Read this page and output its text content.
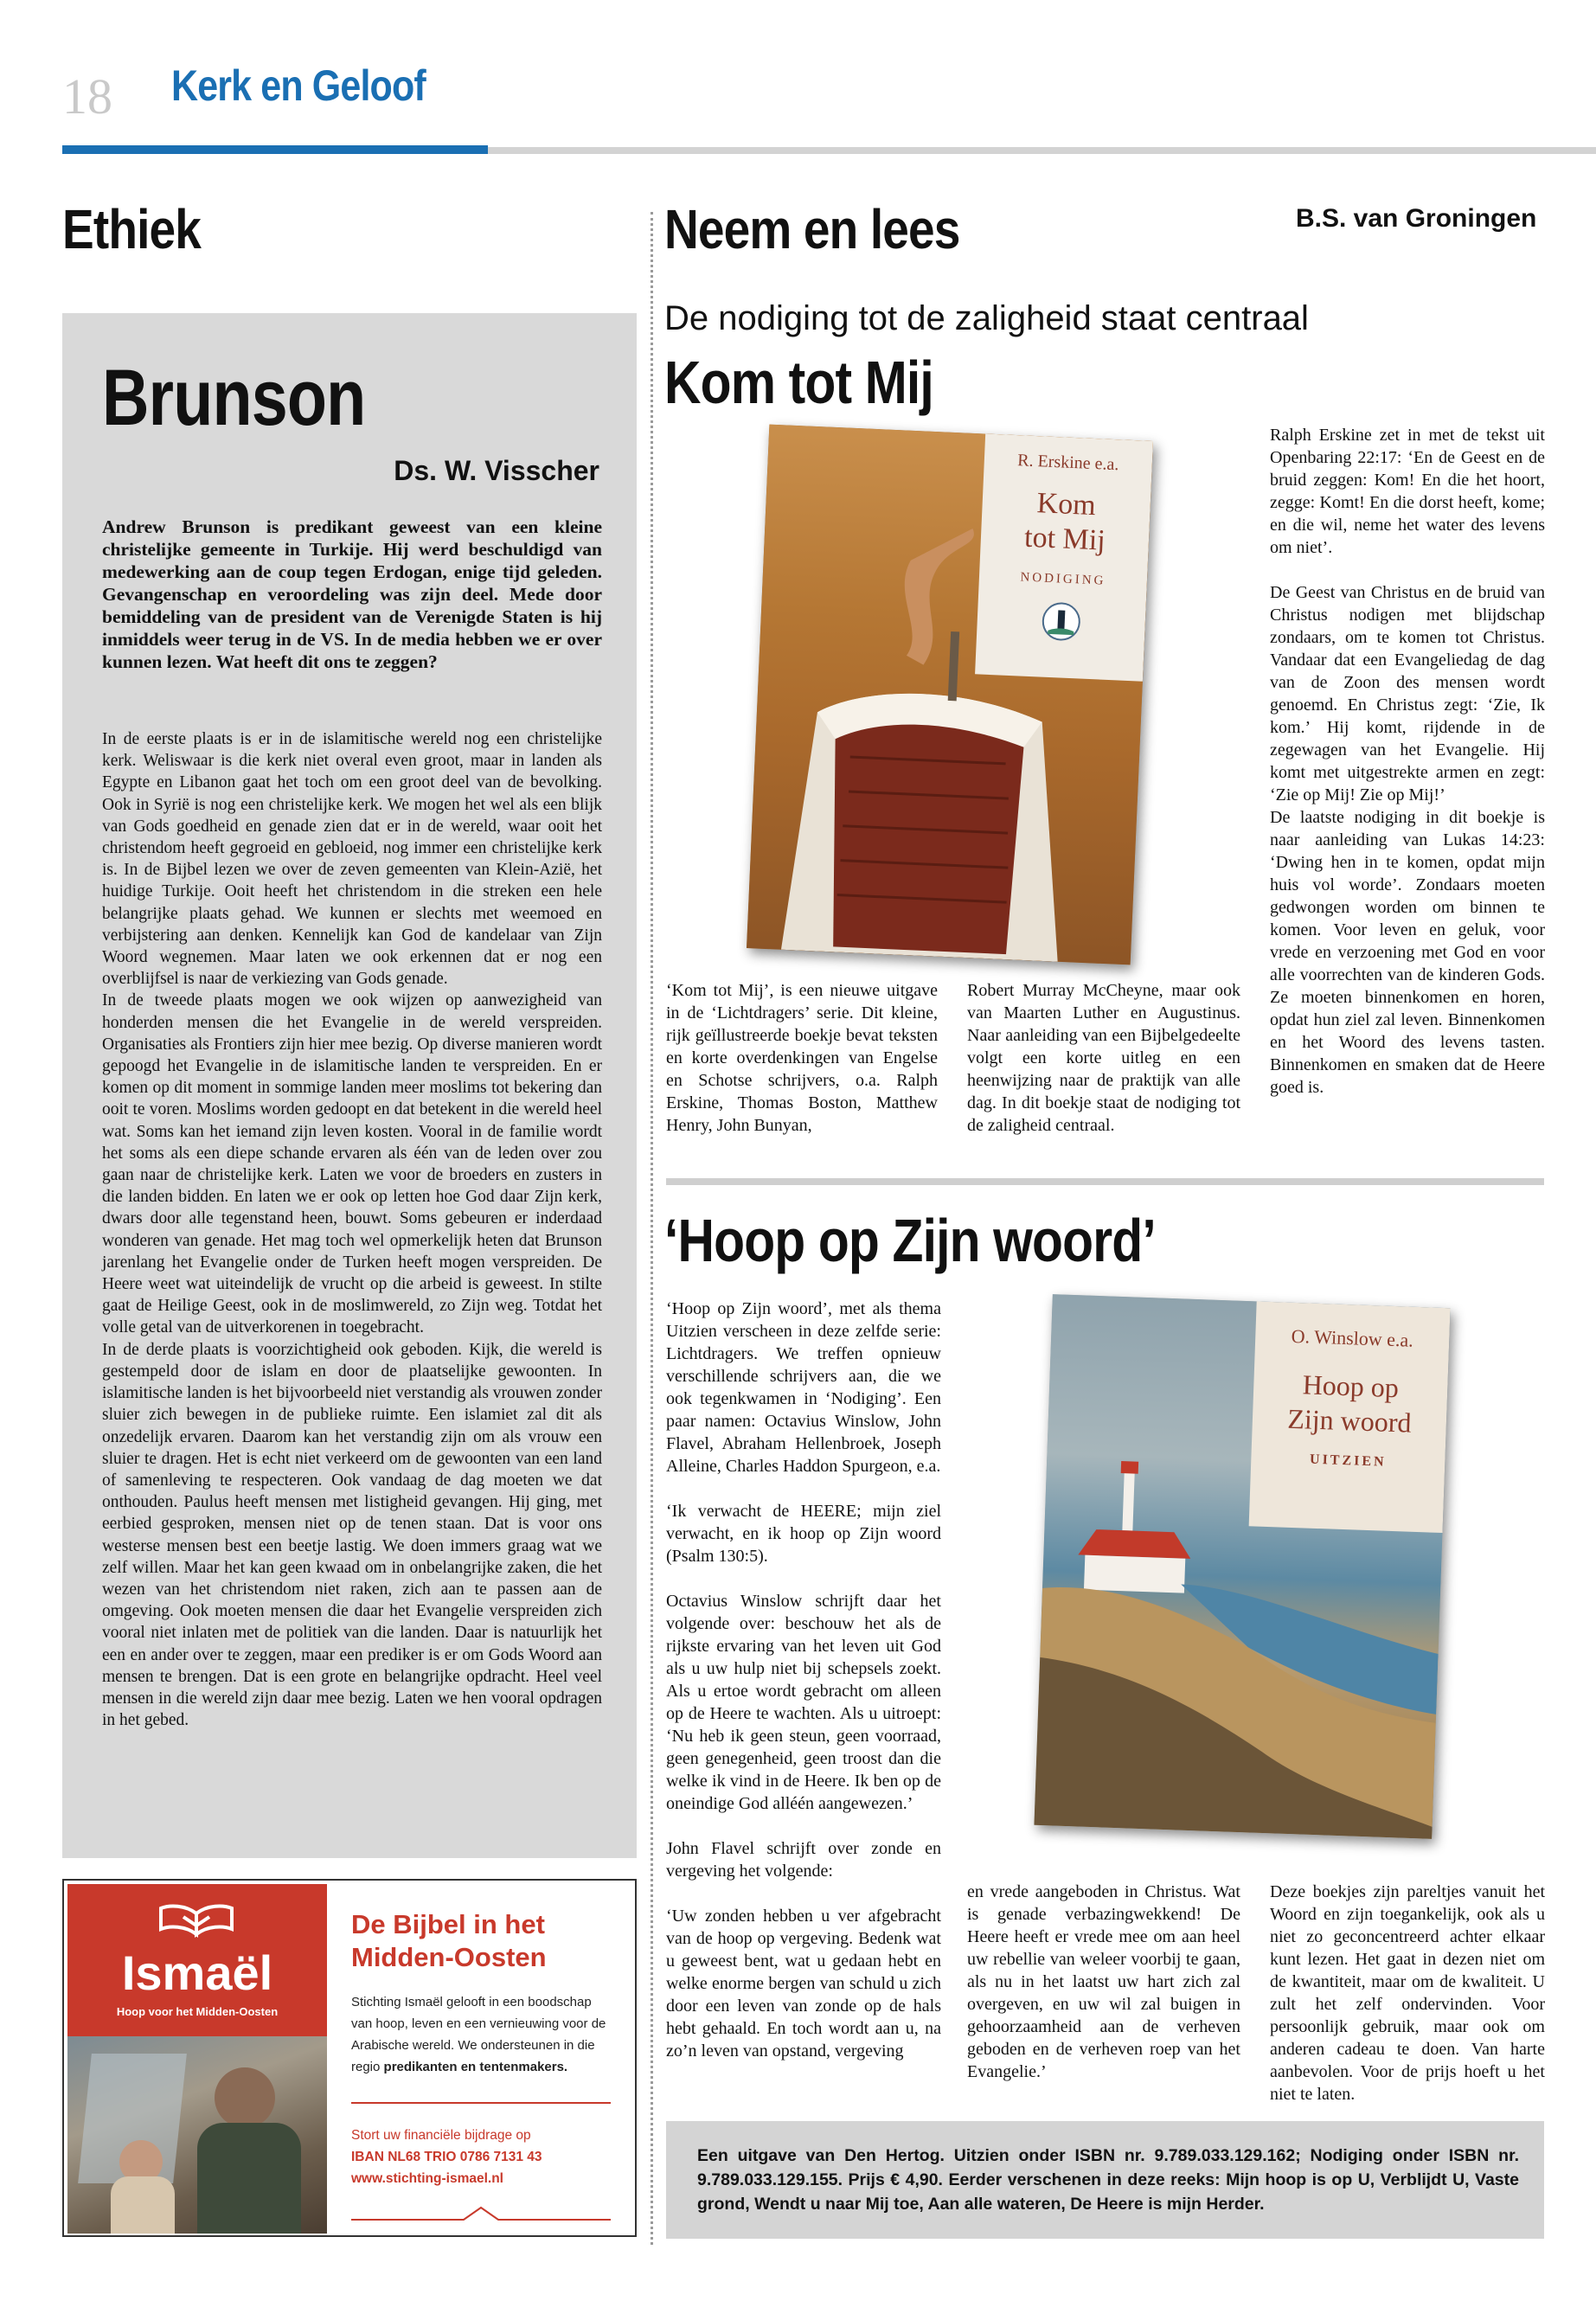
18 Kerk en Geloof
Ethiek
Brunson
Ds. W. Visscher
Andrew Brunson is predikant geweest van een kleine christelijke gemeente in Turkije. Hij werd beschuldigd van medewerking aan de coup tegen Erdogan, enige tijd geleden. Gevangenschap en veroordeling was zijn deel. Mede door bemiddeling van de president van de Verenigde Staten is hij inmiddels weer terug in de VS. In de media hebben we er over kunnen lezen. Wat heeft dit ons te zeggen?

In de eerste plaats is er in de islamitische wereld nog een christelijke kerk. Weliswaar is die kerk niet overal even groot, maar in landen als Egypte en Libanon gaat het toch om een groot deel van de bevolking. Ook in Syrië is nog een christelijke kerk. We mogen het wel als een blijk van Gods goedheid en genade zien dat er in de wereld, waar ooit het christendom heeft gegroeid en gebloeid, nog immer een christelijke kerk is. In de Bijbel lezen we over de zeven gemeenten van Klein-Azië, het huidige Turkije. Ooit heeft het christendom in die streken een hele belangrijke plaats gehad. We kunnen er slechts met weemoed en verbijstering aan denken. Kennelijk kan God de kandelaar van Zijn Woord wegnemen. Maar laten we ook erkennen dat er nog een overblijfsel is naar de verkiezing van Gods genade.

In de tweede plaats mogen we ook wijzen op aanwezigheid van honderden mensen die het Evangelie in de wereld verspreiden. Organisaties als Frontiers zijn hier mee bezig. Op diverse manieren wordt gepoogd het Evangelie in de islamitische landen te verspreiden. En er komen op dit moment in sommige landen meer moslims tot bekering dan ooit te voren. Moslims worden gedoopt en dat betekent in die wereld heel wat. Soms kan het iemand zijn leven kosten. Vooral in de familie wordt het soms als een diepe schande ervaren als één van de leden over zou gaan naar de christelijke kerk. Laten we voor de broeders en zusters in die landen bidden. En laten we er ook op letten hoe God daar Zijn kerk, dwars door alle tegenstand heen, bouwt. Soms gebeuren er inderdaad wonderen van genade. Het mag toch wel opmerkelijk heten dat Brunson jarenlang het Evangelie onder de Turken heeft mogen verspreiden. De Heere weet wat uiteindelijk de vrucht op die arbeid is geweest. In stilte gaat de Heilige Geest, ook in de moslimwereld, zo Zijn weg. Totdat het volle getal van de uitverkorenen in toegebracht.

In de derde plaats is voorzichtigheid ook geboden. Kijk, die wereld is gestempeld door de islam en door de plaatselijke gewoonten. In islamitische landen is het bijvoorbeeld niet verstandig als vrouwen zonder sluier zich bewegen in de publieke ruimte. Een islamiet zal dit als onzedelijk ervaren. Daarom kan het verstandig zijn om als vrouw een sluier te dragen. Het is echt niet verkeerd om de gewoonten van een land of samenleving te respecteren. Ook vandaag de dag moeten we dat onthouden. Paulus heeft mensen met listigheid gevangen. Hij ging, met eerbied gesproken, mensen niet op de tenen staan. Dat is voor ons westerse mensen best een beetje lastig. We doen immers graag wat we zelf willen. Maar het kan geen kwaad om in onbelangrijke zaken, die het wezen van het christendom niet raken, zich aan te passen aan de omgeving. Ook moeten mensen die daar het Evangelie verspreiden zich vooral niet inlaten met de politiek van die landen. Daar is natuurlijk het een en ander over te zeggen, maar een prediker is er om Gods Woord aan mensen te brengen. Dat is een grote en belangrijke opdracht. Heel veel mensen in die wereld zijn daar mee bezig. Laten we hen vooral opdragen in het gebed.

Ismaël
Hoop voor het Midden-Oosten
De Bijbel in het
Midden-Oosten
Stichting Ismaël gelooft in een boodschap van hoop, leven en een vernieuwing voor de Arabische wereld. We ondersteunen in die regio predikanten en tentenmakers.
Stort uw financiële bijdrage op
IBAN NL68 TRIO 0786 7131 43
www.stichting-ismael.nl
Neem en lees	B.S. van Groningen
De nodiging tot de zaligheid staat centraal
Kom tot Mij
R. Erskine e.a.
Kom
tot Mij
NODIGING
‘Kom tot Mij’, is een nieuwe uitgave in de ‘Lichtdragers’ serie. Dit kleine, rijk geïllustreerde boekje bevat teksten en korte overdenkingen van Engelse en Schotse schrijvers, o.a. Ralph Erskine, Thomas Boston, Matthew Henry, John Bunyan,
Robert Murray McCheyne, maar ook van Maarten Luther en Augustinus. Naar aanleiding van een Bijbelgedeelte volgt een korte uitleg en een heenwijzing naar de praktijk van alle dag. In dit boekje staat de nodiging tot de zaligheid centraal.

Ralph Erskine zet in met de tekst uit Openbaring 22:17: ‘En de Geest en de bruid zeggen: Kom! En die het hoort, zegge: Komt! En die dorst heeft, kome; en die wil, neme het water des levens om niet’.

De Geest van Christus en de bruid van Christus nodigen met blijdschap zondaars, om te komen tot Christus. Vandaar dat een Evangeliedag de dag van de Zoon des mensen wordt genoemd. En Christus zegt: ‘Zie, Ik kom.’ Hij komt, rijdende in de zegewagen van het Evangelie. Hij komt met uitgestrekte armen en zegt: ‘Zie op Mij! Zie op Mij!’

De laatste nodiging in dit boekje is naar aanleiding van Lukas 14:23: ‘Dwing hen in te komen, opdat mijn huis vol worde’. Zondaars moeten gedwongen worden om binnen te komen. Voor leven en geluk, voor vrede en verzoening met God en voor alle voorrechten van de kinderen Gods. Ze moeten binnenkomen en horen, opdat hun ziel zal leven. Binnenkomen en het Woord des levens tasten. Binnenkomen en smaken dat de Heere goed is.

‘Hoop op Zijn woord’
O. Winslow e.a.
Hoop op
Zijn woord
UITZIEN

‘Hoop op Zijn woord’, met als thema Uitzien verscheen in deze zelfde serie: Lichtdragers. We treffen opnieuw verschillende schrijvers aan, die we ook tegenkwamen in ‘Nodiging’. Een paar namen: Octavius Winslow, John Flavel, Abraham Hellenbroek, Joseph Alleine, Charles Haddon Spurgeon, e.a.

‘Ik verwacht de HEERE; mijn ziel verwacht, en ik hoop op Zijn woord (Psalm 130:5).

Octavius Winslow schrijft daar het volgende over: beschouw het als de rijkste ervaring van het leven uit God als u uw hulp niet bij schepsels zoekt. Als u ertoe wordt gebracht om alleen op de Heere te wachten. Als u uitroept: ‘Nu heb ik geen steun, geen voorraad, geen genegenheid, geen troost dan die welke ik vind in de Heere. Ik ben op de oneindige God alléén aangewezen.’

John Flavel schrijft over zonde en vergeving het volgende:

‘Uw zonden hebben u ver afgebracht van de hoop op vergeving. Bedenk wat u geweest bent, wat u gedaan hebt en welke enorme bergen van schuld u zich door een leven van zonde op de hals hebt gehaald. En toch wordt aan u, na zo’n leven van opstand, vergeving

en vrede aangeboden in Christus. Wat is genade verbazingwekkend! De Heere heeft er vrede mee om aan heel uw rebellie van weleer voorbij te gaan, als nu in het laatst uw hart zich zal overgeven, en uw wil zal buigen in gehoorzaamheid aan de verheven geboden en de verheven roep van het Evangelie.’
Deze boekjes zijn pareltjes vanuit het Woord en zijn toegankelijk, ook als u niet zo geconcentreerd achter elkaar kunt lezen. Het gaat in dezen niet om de kwantiteit, maar om de kwaliteit. U zult het zelf ondervinden. Voor persoonlijk gebruik, maar ook om anderen cadeau te doen. Van harte aanbevolen. Voor de prijs hoeft u het niet te laten.
Een uitgave van Den Hertog. Uitzien onder ISBN nr. 9.789.033.129.162; Nodiging onder ISBN nr. 9.789.033.129.155. Prijs € 4,90. Eerder verschenen in deze reeks: Mijn hoop is op U, Verblijdt U, Vaste grond, Wendt u naar Mij toe, Aan alle wateren, De Heere is mijn Herder.
